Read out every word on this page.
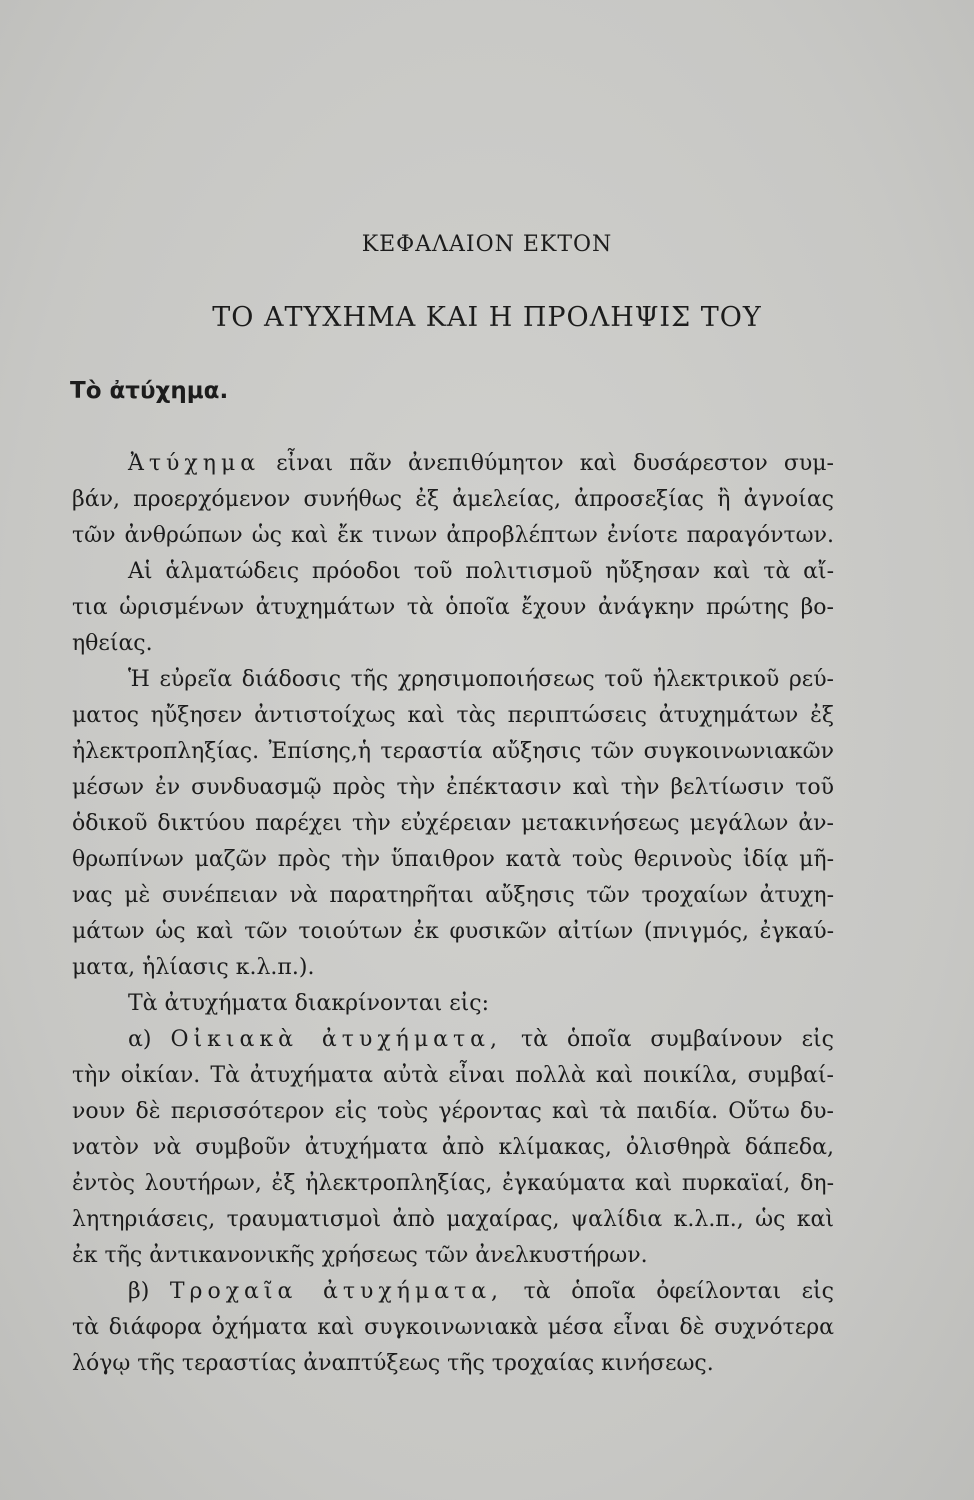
ΚΕΦΑΛΑΙΟΝ ΕΚΤΟΝ
ΤΟ ΑΤΥΧΗΜΑ ΚΑΙ Η ΠΡΟΛΗΨΙΣ ΤΟΥ
Τὸ ἀτύχημα.
Ἀτύχημα εἶναι πᾶν ἀνεπιθύμητον καὶ δυσάρεστον συμ-
βάν, προερχόμενον συνήθως ἐξ ἀμελείας, ἀπροσεξίας ἢ ἀγνοίας
τῶν ἀνθρώπων ὡς καὶ ἔκ τινων ἀπροβλέπτων ἐνίοτε παραγόντων.
Αἱ ἁλματώδεις πρόοδοι τοῦ πολιτισμοῦ ηὔξησαν καὶ τὰ αἴ-
τια ὡρισμένων ἀτυχημάτων τὰ ὁποῖα ἔχουν ἀνάγκην πρώτης βο-
ηθείας.
Ἡ εὐρεῖα διάδοσις τῆς χρησιμοποιήσεως τοῦ ἠλεκτρικοῦ ρεύ-
ματος ηὔξησεν ἀντιστοίχως καὶ τὰς περιπτώσεις ἀτυχημάτων ἐξ
ἠλεκτροπληξίας. Ἐπίσης,ἡ τεραστία αὔξησις τῶν συγκοινωνιακῶν
μέσων ἐν συνδυασμῷ πρὸς τὴν ἐπέκτασιν καὶ τὴν βελτίωσιν τοῦ
ὁδικοῦ δικτύου παρέχει τὴν εὐχέρειαν μετακινήσεως μεγάλων ἀν-
θρωπίνων μαζῶν πρὸς τὴν ὕπαιθρον κατὰ τοὺς θερινοὺς ἰδίᾳ μῆ-
νας μὲ συνέπειαν νὰ παρατηρῆται αὔξησις τῶν τροχαίων ἀτυχη-
μάτων ὡς καὶ τῶν τοιούτων ἐκ φυσικῶν αἰτίων (πνιγμός, ἐγκαύ-
ματα, ἡλίασις κ.λ.π.).
Τὰ ἀτυχήματα διακρίνονται εἰς:
α) Οἰκιακὰ ἀτυχήματα, τὰ ὁποῖα συμβαίνουν εἰς
τὴν οἰκίαν. Τὰ ἀτυχήματα αὐτὰ εἶναι πολλὰ καὶ ποικίλα, συμβαί-
νουν δὲ περισσότερον εἰς τοὺς γέροντας καὶ τὰ παιδία. Οὕτω δυ-
νατὸν νὰ συμβοῦν ἀτυχήματα ἀπὸ κλίμακας, ὀλισθηρὰ δάπεδα,
ἐντὸς λουτήρων, ἐξ ἠλεκτροπληξίας, ἐγκαύματα καὶ πυρκαϊαί, δη-
λητηριάσεις, τραυματισμοὶ ἀπὸ μαχαίρας, ψαλίδια κ.λ.π., ὡς καὶ
ἐκ τῆς ἀντικανονικῆς χρήσεως τῶν ἀνελκυστήρων.
β) Τροχαῖα ἀτυχήματα, τὰ ὁποῖα ὀφείλονται εἰς
τὰ διάφορα ὀχήματα καὶ συγκοινωνιακὰ μέσα εἶναι δὲ συχνότερα
λόγῳ τῆς τεραστίας ἀναπτύξεως τῆς τροχαίας κινήσεως.
